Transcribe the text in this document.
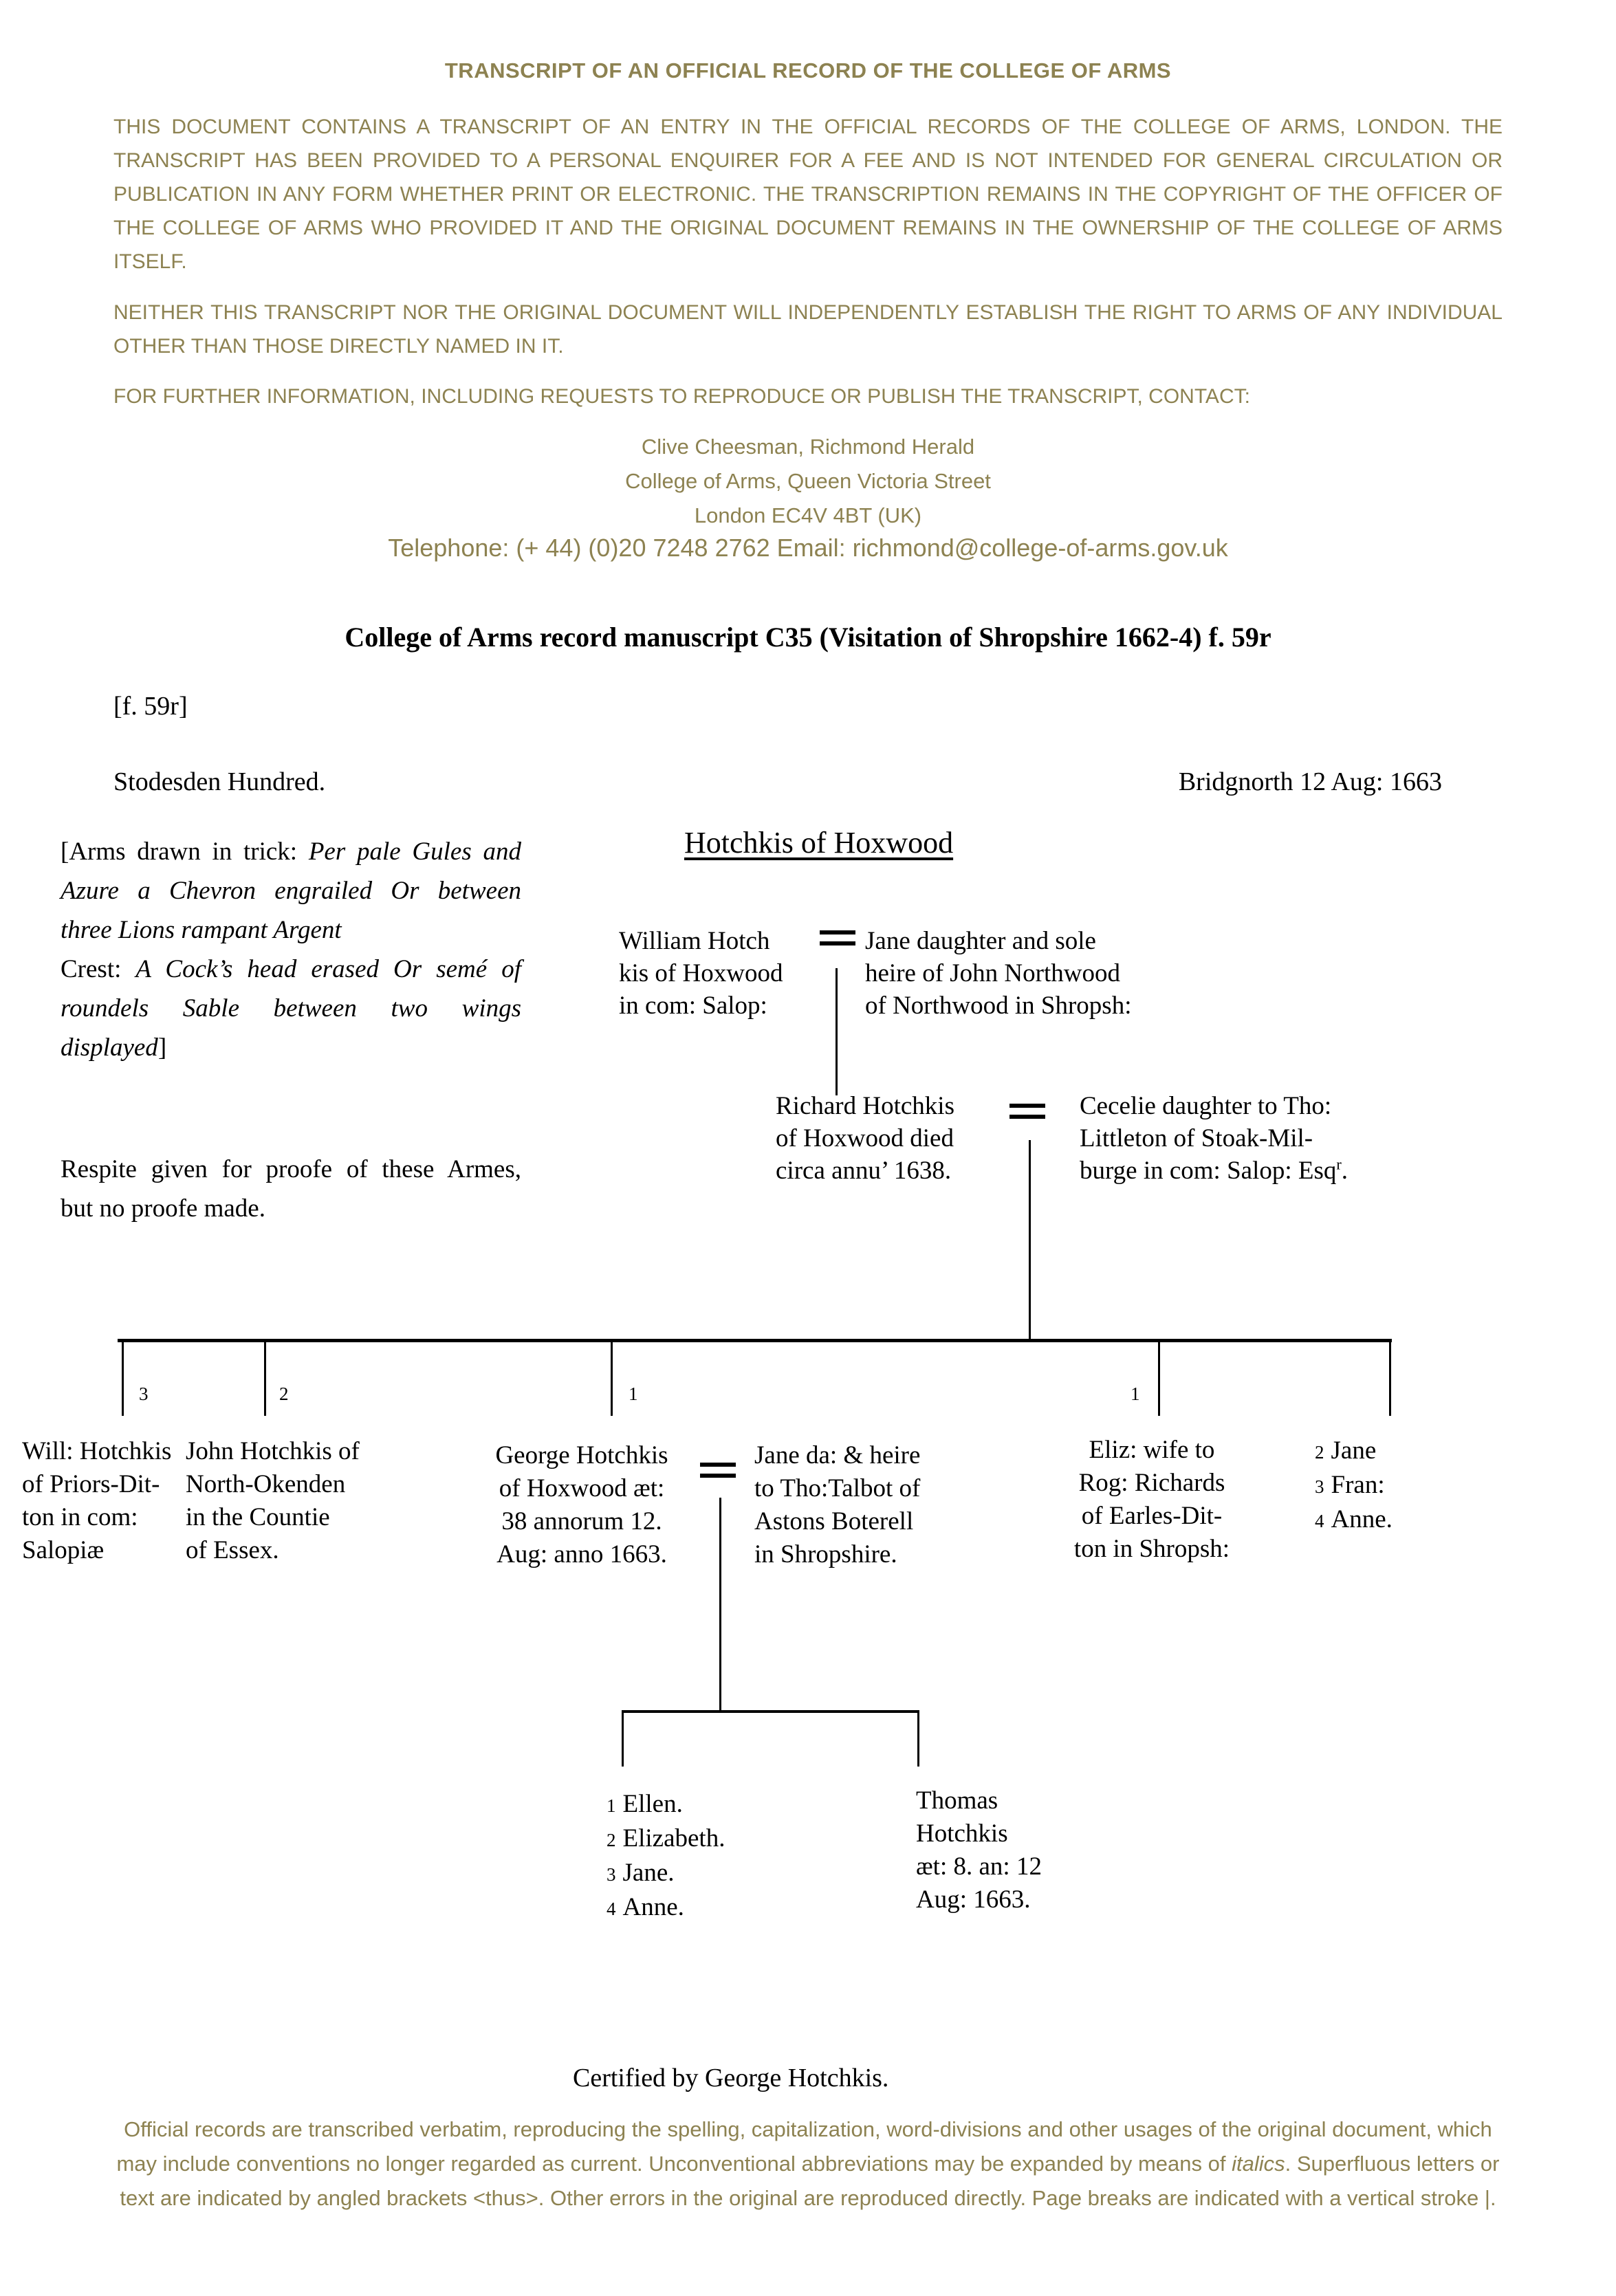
TRANSCRIPT OF AN OFFICIAL RECORD OF THE COLLEGE OF ARMS
THIS DOCUMENT CONTAINS A TRANSCRIPT OF AN ENTRY IN THE OFFICIAL RECORDS OF THE COLLEGE OF ARMS, LONDON. THE TRANSCRIPT HAS BEEN PROVIDED TO A PERSONAL ENQUIRER FOR A FEE AND IS NOT INTENDED FOR GENERAL CIRCULATION OR PUBLICATION IN ANY FORM WHETHER PRINT OR ELECTRONIC. THE TRANSCRIPTION REMAINS IN THE COPYRIGHT OF THE OFFICER OF THE COLLEGE OF ARMS WHO PROVIDED IT AND THE ORIGINAL DOCUMENT REMAINS IN THE OWNERSHIP OF THE COLLEGE OF ARMS ITSELF.
NEITHER THIS TRANSCRIPT NOR THE ORIGINAL DOCUMENT WILL INDEPENDENTLY ESTABLISH THE RIGHT TO ARMS OF ANY INDIVIDUAL OTHER THAN THOSE DIRECTLY NAMED IN IT.
FOR FURTHER INFORMATION, INCLUDING REQUESTS TO REPRODUCE OR PUBLISH THE TRANSCRIPT, CONTACT:
Clive Cheesman, Richmond Herald
College of Arms, Queen Victoria Street
London EC4V 4BT (UK)
Telephone: (+ 44) (0)20 7248 2762 Email: richmond@college-of-arms.gov.uk
College of Arms record manuscript C35 (Visitation of Shropshire 1662-4) f. 59r
[f. 59r]
Stodesden Hundred.	Bridgnorth 12 Aug: 1663
[Arms drawn in trick: Per pale Gules and
Azure a Chevron engrailed Or between
three Lions rampant Argent
Crest: A Cock’s head erased Or semé of
roundels Sable between two wings
displayed]
Respite given for proofe of these Armes,
but no proofe made.
Hotchkis of Hoxwood
William Hotch
kis of Hoxwood
in com: Salop:
Jane daughter and sole
heire of John Northwood
of Northwood in Shropsh:
Richard Hotchkis
of Hoxwood died
circa annu’ 1638.
Cecelie daughter to Tho:
Littleton of Stoak-Mil-
burge in com: Salop: Esq$^r$.
3	2	1	1
Will: Hotchkis
of Priors-Dit-
ton in com:
Salopiæ
John Hotchkis of
North-Okenden
in the Countie
of Essex.
George Hotchkis
of Hoxwood æt:
38 annorum 12.
Aug: anno 1663.
Jane da: & heire
to Tho:Talbot of
Astons Boterell
in Shropshire.
Eliz: wife to
Rog: Richards
of Earles-Dit-
ton in Shropsh:
2 Jane
3 Fran:
4 Anne.
1 Ellen.
2 Elizabeth.
3 Jane.
4 Anne.
Thomas
Hotchkis
æt: 8. an: 12
Aug: 1663.
Certified by George Hotchkis.
Official records are transcribed verbatim, reproducing the spelling, capitalization, word-divisions and other usages of the original document, which may include conventions no longer regarded as current. Unconventional abbreviations may be expanded by means of italics. Superfluous letters or text are indicated by angled brackets <thus>. Other errors in the original are reproduced directly. Page breaks are indicated with a vertical stroke |.
